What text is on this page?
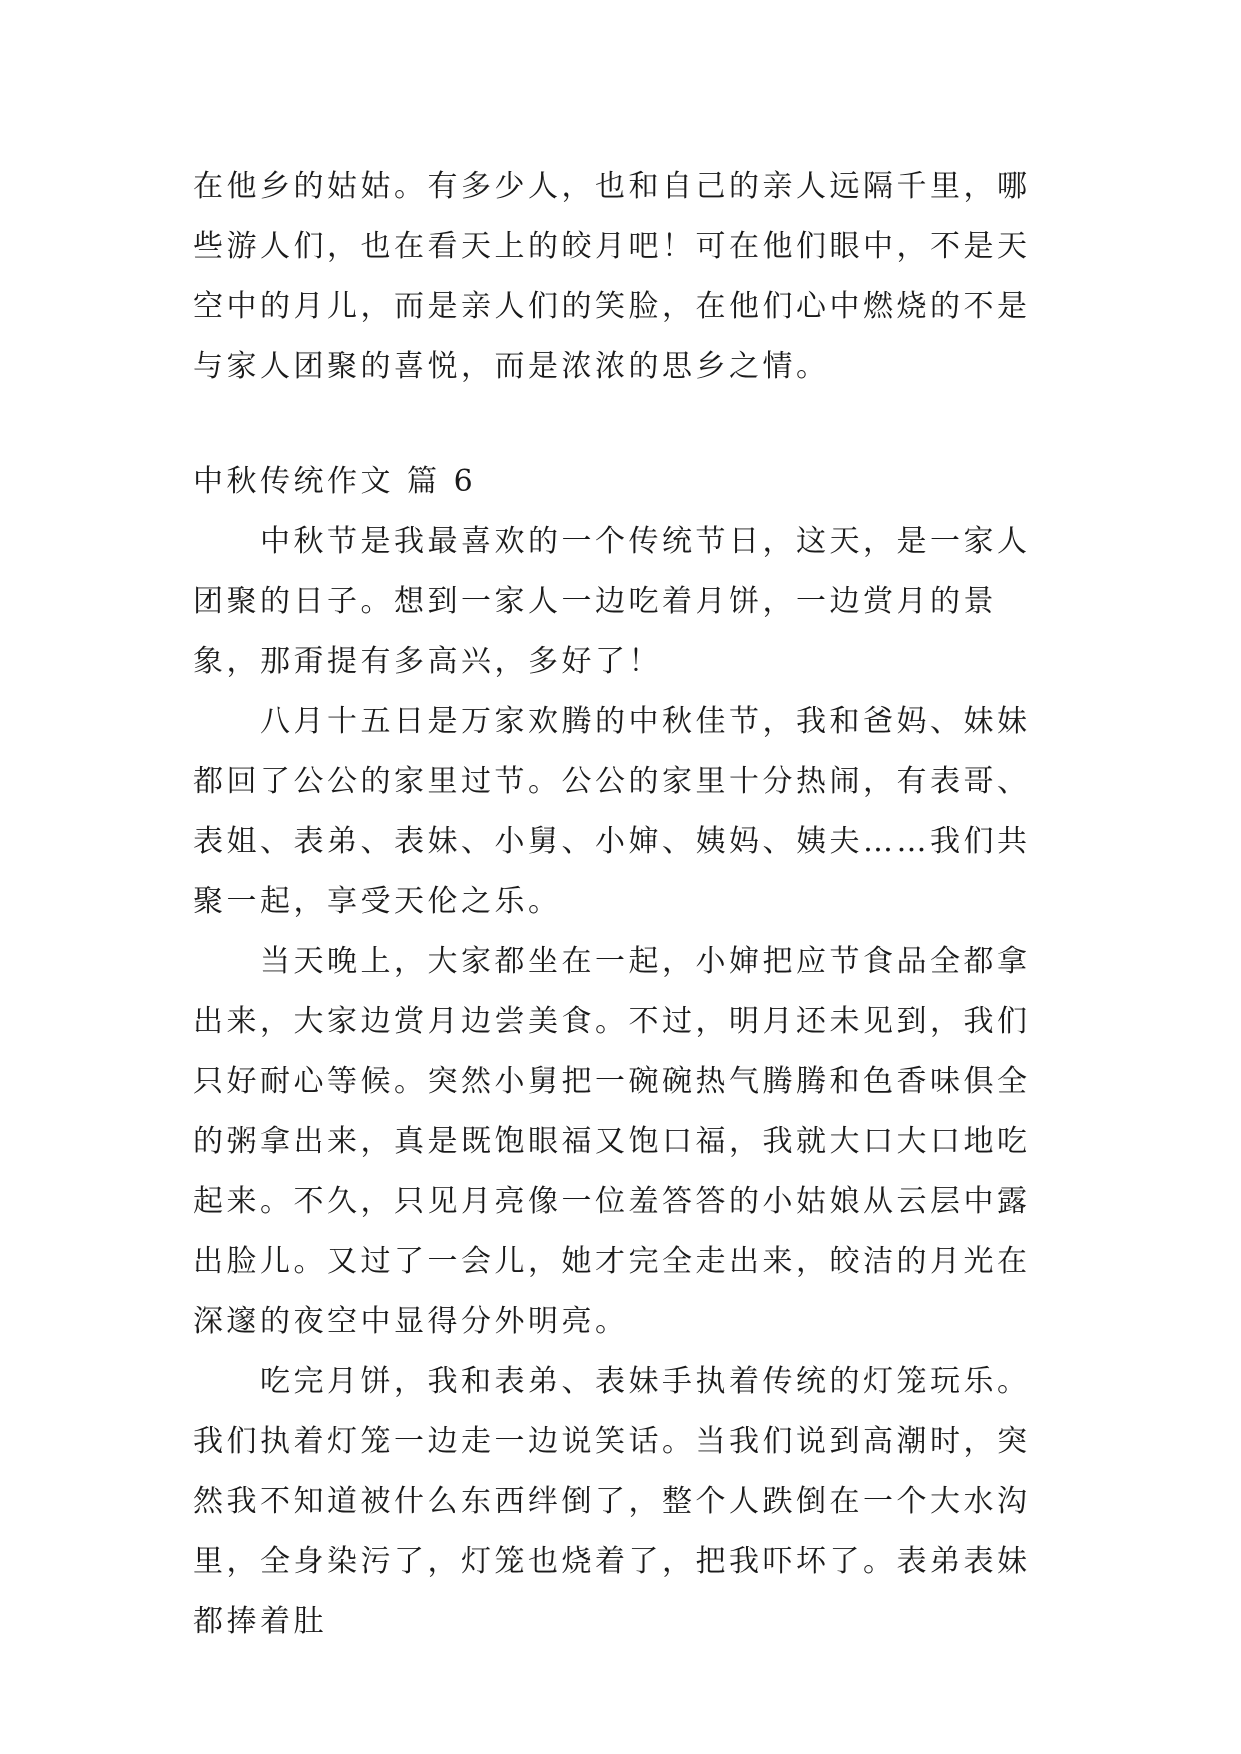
在他乡的姑姑。有多少人，也和自己的亲人远隔千里，哪些游人们，也在看天上的皎月吧！可在他们眼中，不是天空中的月儿，而是亲人们的笑脸，在他们心中燃烧的不是与家人团聚的喜悦，而是浓浓的思乡之情。

中秋传统作文 篇 6

中秋节是我最喜欢的一个传统节日，这天，是一家人团聚的日子。想到一家人一边吃着月饼，一边赏月的景象，那甭提有多高兴，多好了！

八月十五日是万家欢腾的中秋佳节，我和爸妈、妹妹都回了公公的家里过节。公公的家里十分热闹，有表哥、表姐、表弟、表妹、小舅、小婶、姨妈、姨夫……我们共聚一起，享受天伦之乐。

当天晚上，大家都坐在一起，小婶把应节食品全都拿出来，大家边赏月边尝美食。不过，明月还未见到，我们只好耐心等候。突然小舅把一碗碗热气腾腾和色香味俱全的粥拿出来，真是既饱眼福又饱口福，我就大口大口地吃起来。不久，只见月亮像一位羞答答的小姑娘从云层中露出脸儿。又过了一会儿，她才完全走出来，皎洁的月光在深邃的夜空中显得分外明亮。

吃完月饼，我和表弟、表妹手执着传统的灯笼玩乐。我们执着灯笼一边走一边说笑话。当我们说到高潮时，突然我不知道被什么东西绊倒了，整个人跌倒在一个大水沟里，全身染污了，灯笼也烧着了，把我吓坏了。表弟表妹都捧着肚
